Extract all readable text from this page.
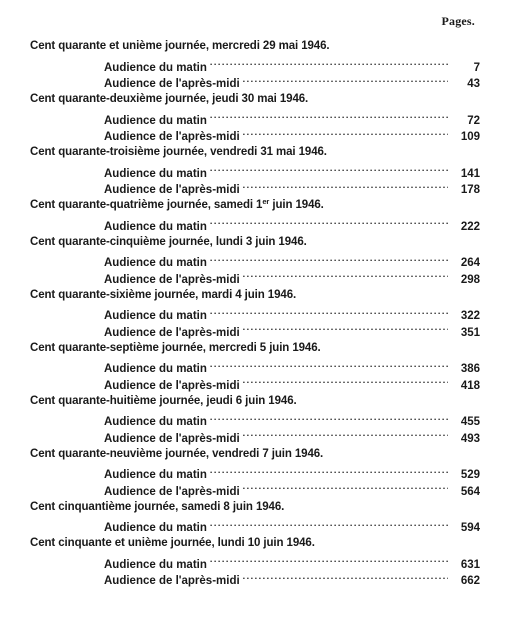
Pages.
Cent quarante et unième journée, mercredi 29 mai 1946.
Audience du matin . . .	7
Audience de l'après-midi . . .	43
Cent quarante-deuxième journée, jeudi 30 mai 1946.
Audience du matin . . .	72
Audience de l'après-midi . . .	109
Cent quarante-troisième journée, vendredi 31 mai 1946.
Audience du matin . . .	141
Audience de l'après-midi . . .	178
Cent quarante-quatrième journée, samedi 1er juin 1946.
Audience du matin . . .	222
Cent quarante-cinquième journée, lundi 3 juin 1946.
Audience du matin . . .	264
Audience de l'après-midi . . .	298
Cent quarante-sixième journée, mardi 4 juin 1946.
Audience du matin . . .	322
Audience de l'après-midi . . .	351
Cent quarante-septième journée, mercredi 5 juin 1946.
Audience du matin . . .	386
Audience de l'après-midi . . .	418
Cent quarante-huitième journée, jeudi 6 juin 1946.
Audience du matin . . .	455
Audience de l'après-midi . . .	493
Cent quarante-neuvième journée, vendredi 7 juin 1946.
Audience du matin . . .	529
Audience de l'après-midi . . .	564
Cent cinquantième journée, samedi 8 juin 1946.
Audience du matin . . .	594
Cent cinquante et unième journée, lundi 10 juin 1946.
Audience du matin . . .	631
Audience de l'après-midi . . .	662
